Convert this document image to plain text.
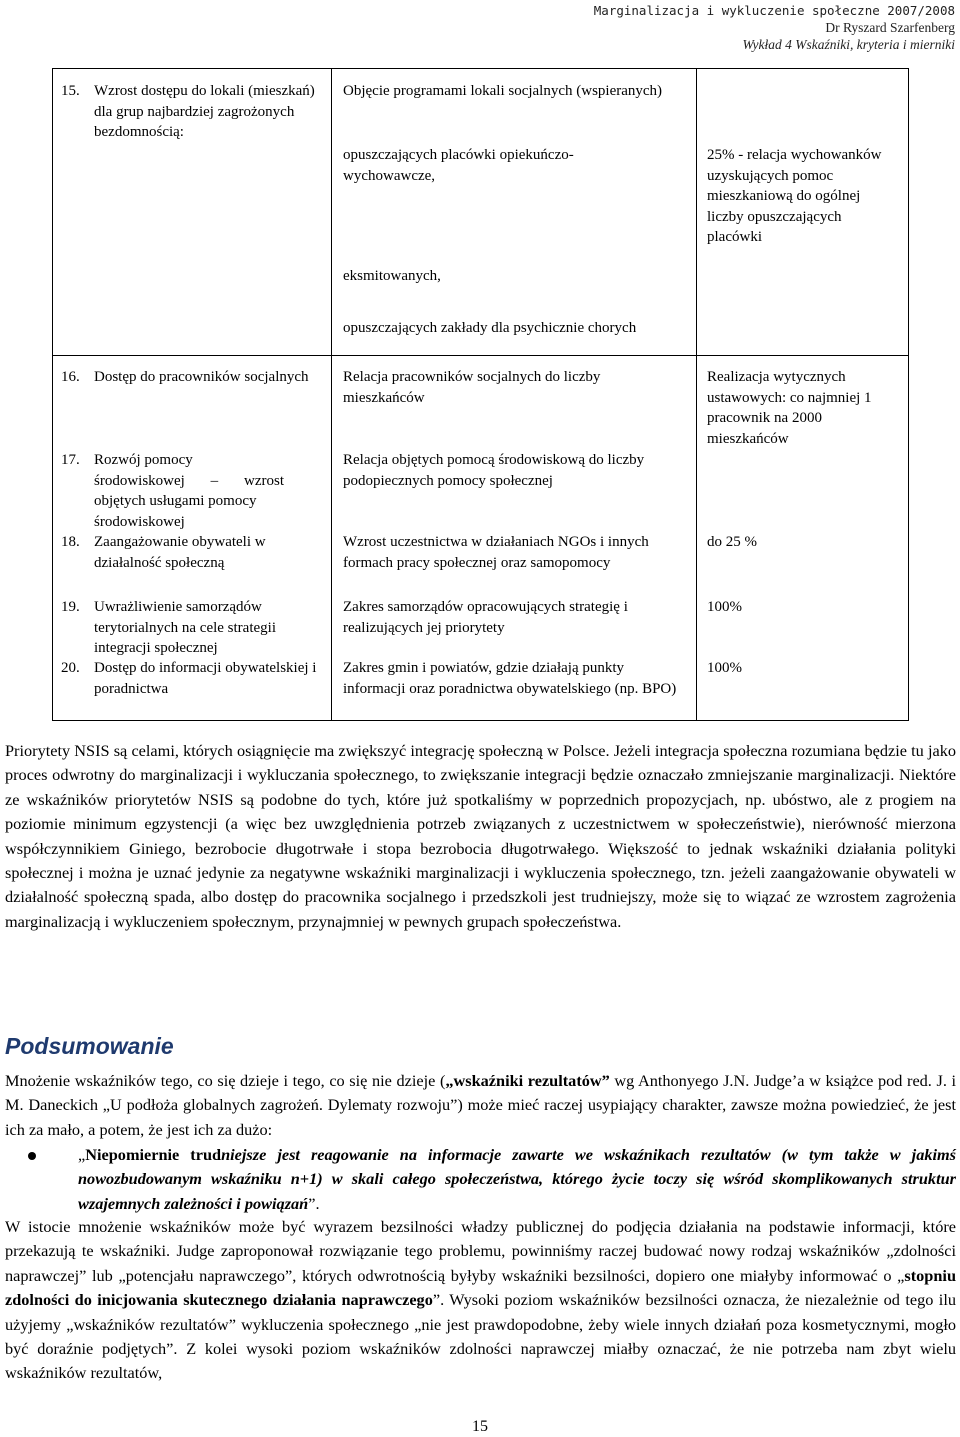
Marginalizacja i wykluczenie społeczne 2007/2008
Dr Ryszard Szarfenberg
Wykład 4 Wskaźniki, kryteria i mierniki
15. Wzrost dostępu do lokali (mieszkań) dla grup najbardziej zagrożonych bezdomnością:
Objęcie programami lokali socjalnych (wspieranych)
opuszczających placówki opiekuńczo-wychowawcze,
eksmitowanych,
opuszczających zakłady dla psychicznie chorych
25% - relacja wychowanków uzyskujących pomoc mieszkaniową do ogólnej liczby opuszczających placówki
16. Dostęp do pracowników socjalnych	Relacja pracowników socjalnych do liczby mieszkańców
Realizacja wytycznych ustawowych: co najmniej 1 pracownik na 2000 mieszkańców
17. Rozwój pomocy
środowiskowej – wzrost
objętych usługami pomocy środowiskowej
Relacja objętych pomocą środowiskową do liczby podopiecznych pomocy społecznej
18. Zaangażowanie obywateli w działalność społeczną
Wzrost uczestnictwa w działaniach NGOs i innych formach pracy społecznej oraz samopomocy
do 25 %
19. Uwrażliwienie samorządów terytorialnych na cele strategii integracji społecznej
Zakres samorządów opracowujących strategię i realizujących jej priorytety
100%
20. Dostęp do informacji obywatelskiej i poradnictwa
Zakres gmin i powiatów, gdzie działają punkty informacji oraz poradnictwa obywatelskiego (np. BPO)
100%
Priorytety NSIS są celami, których osiągnięcie ma zwiększyć integrację społeczną w Polsce. Jeżeli integracja społeczna rozumiana będzie tu jako proces odwrotny do marginalizacji i wykluczania społecznego, to zwiększanie integracji będzie oznaczało zmniejszanie marginalizacji. Niektóre ze wskaźników priorytetów NSIS są podobne do tych, które już spotkaliśmy w poprzednich propozycjach, np. ubóstwo, ale z progiem na poziomie minimum egzystencji (a więc bez uwzględnienia potrzeb związanych z uczestnictwem w społeczeństwie), nierówność mierzona współczynnikiem Giniego, bezrobocie długotrwałe i stopa bezrobocia długotrwałego. Większość to jednak wskaźniki działania polityki społecznej i można je uznać jedynie za negatywne wskaźniki marginalizacji i wykluczenia społecznego, tzn. jeżeli zaangażowanie obywateli w działalność społeczną spada, albo dostęp do pracownika socjalnego i przedszkoli jest trudniejszy, może się to wiązać ze wzrostem zagrożenia marginalizacją i wykluczeniem społecznym, przynajmniej w pewnych grupach społeczeństwa.
Podsumowanie
Mnożenie wskaźników tego, co się dzieje i tego, co się nie dzieje („wskaźniki rezultatów” wg Anthonyego J.N. Judge’a w książce pod red. J. i M. Daneckich „U podłoża globalnych zagrożeń. Dylematy rozwoju”) może mieć raczej usypiający charakter, zawsze można powiedzieć, że jest ich za mało, a potem, że jest ich za dużo:
„Niepomiernie trudniejsze jest reagowanie na informacje zawarte we wskaźnikach rezultatów (w tym także w jakimś nowozbudowanym wskaźniku n+1) w skali całego społeczeństwa, którego życie toczy się wśród skomplikowanych struktur wzajemnych zależności i powiązań”.
W istocie mnożenie wskaźników może być wyrazem bezsilności władzy publicznej do podjęcia działania na podstawie informacji, które przekazują te wskaźniki. Judge zaproponował rozwiązanie tego problemu, powinniśmy raczej budować nowy rodzaj wskaźników „zdolności naprawczej” lub „potencjału naprawczego”, których odwrotnością byłyby wskaźniki bezsilności, dopiero one miałyby informować o „stopniu zdolności do inicjowania skutecznego działania naprawczego”. Wysoki poziom wskaźników bezsilności oznacza, że niezależnie od tego ilu użyjemy „wskaźników rezultatów” wykluczenia społecznego „nie jest prawdopodobne, żeby wiele innych działań poza kosmetycznymi, mogło być doraźnie podjętych”. Z kolei wysoki poziom wskaźników zdolności naprawczej miałby oznaczać, że nie potrzeba nam zbyt wielu wskaźników rezultatów,
15
